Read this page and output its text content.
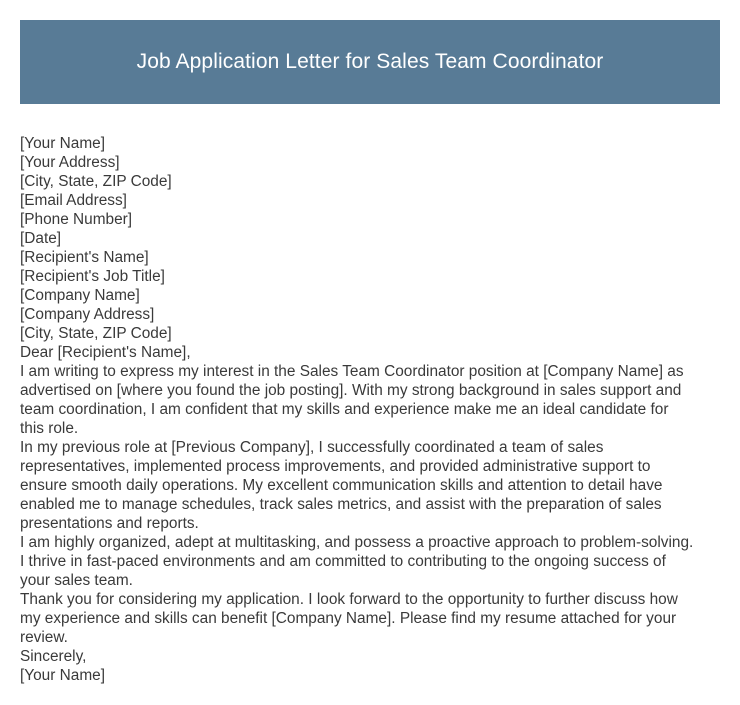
Job Application Letter for Sales Team Coordinator
[Your Name]
[Your Address]
[City, State, ZIP Code]
[Email Address]
[Phone Number]
[Date]
[Recipient's Name]
[Recipient's Job Title]
[Company Name]
[Company Address]
[City, State, ZIP Code]
Dear [Recipient's Name],
I am writing to express my interest in the Sales Team Coordinator position at [Company Name] as
advertised on [where you found the job posting]. With my strong background in sales support and
team coordination, I am confident that my skills and experience make me an ideal candidate for
this role.
In my previous role at [Previous Company], I successfully coordinated a team of sales
representatives, implemented process improvements, and provided administrative support to
ensure smooth daily operations. My excellent communication skills and attention to detail have
enabled me to manage schedules, track sales metrics, and assist with the preparation of sales
presentations and reports.
I am highly organized, adept at multitasking, and possess a proactive approach to problem-solving.
I thrive in fast-paced environments and am committed to contributing to the ongoing success of
your sales team.
Thank you for considering my application. I look forward to the opportunity to further discuss how
my experience and skills can benefit [Company Name]. Please find my resume attached for your
review.
Sincerely,
[Your Name]
